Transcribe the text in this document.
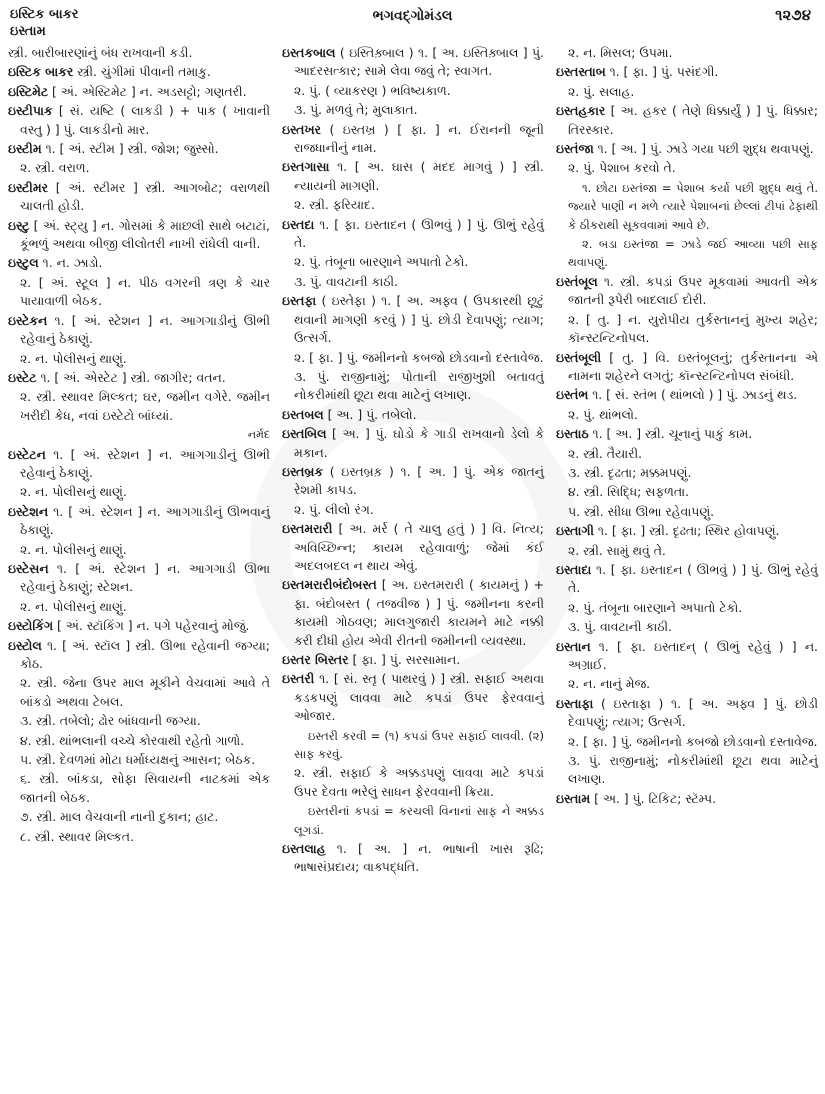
ઇસ્ટિક બાકર
ઇસ્તામ
ભગવદ્ગોમંડલ	૧૨૭૪
સ્ત્રી. બારીબારણાંનું બંધ રાખવાની કડી.
ઇસ્ટિક બાકર સ્ત્રી. ચુંગીમાં પીવાની તમાકુ.
ઇસ્ટિમેટ [ અં. એસ્ટિમેટ ] ન. અડસટ્ટો; ગણતરી.
ઇસ્ટીપાક [ સં. યષ્ટિ ( લાકડી ) + પાક ( ખાવાની વસ્તુ ) ] પું. લાકડીનો માર.
ઇસ્ટીમ ૧. [ અં. સ્ટીમ ] સ્ત્રી. જોશ; જુસ્સો.
૨. સ્ત્રી. વરાળ.
ઇસ્ટીમર [ અં. સ્ટીમર ] સ્ત્રી. આગબોટ; વરાળથી ચાલતી હોડી.
ઇસ્ટુ [ અં. સ્ટ્યુ ] ન. ગોસમાં કે માછલી સાથે બટાટાં, કૂંભળું અથવા બીજી લીલોતરી નાખી રાંધેલી વાની.
ઇસ્ટુલ ૧. ન. ઝાડો.
૨. [ અં. સ્ટૂલ ] ન. પીઠ વગરની ત્રણ કે ચાર પાયાવાળી બેઠક.
ઇસ્ટેકન ૧. [ અં. સ્ટેશન ] ન. આગગાડીનું ઊભી રહેવાનું ઠેકાણું.
૨. ન. પોલીસનું થાણું.
ઇસ્ટેટ ૧. [ અં. એસ્ટેટ ] સ્ત્રી. જાગીર; વતન.
૨. સ્ત્રી. સ્થાવર મિલ્કત; ઘર, જમીન વગેરે. જમીન ખરીદી કેધ, નવાં ઇસ્ટેટો બાંધ્યાં.
નર્મદ
ઇસ્ટેટન ૧. [ અં. સ્ટેશન ] ન. આગગાડીનું ઊભી રહેવાનું ઠેકાણું.
૨. ન. પોલીસનું થાણું.
ઇસ્ટેશન ૧. [ અં. સ્ટેશન ] ન. આગગાડીનું ઊભવાનું ઠેકાણું.
૨. ન. પોલીસનું થાણું.
ઇસ્ટેસન ૧. [ અં. સ્ટેશન ] ન. આગગાડી ઊભા રહેવાનું ઠેકાણું; સ્ટેશન.
૨. ન. પોલીસનું થાણું.
ઇસ્ટોકિંગ [ અં. સ્ટૉકિંગ ] ન. પગે પહેરવાનું મોજું.
ઇસ્ટોલ ૧. [ અં. સ્ટૉલ ] સ્ત્રી. ઊભા રહેવાની જગ્યા; કોઠ.
૨. સ્ત્રી. જેના ઉપર માલ મૂકીને વેચવામાં આવે તે બાંકડો અથવા ટેબલ.
૩. સ્ત્રી. તબેલો; ઢોર બાંધવાની જગ્યા.
૪. સ્ત્રી. થાંભલાની વચ્ચે કોરવાથી રહેતો ગાળો.
૫. સ્ત્રી. દેવળમાં મોટા ધર્માધ્યક્ષનું આસન; બેઠક.
૬. સ્ત્રી. બાંકડા, સોફા સિવાયની નાટકમાં એક જાતની બેઠક.
૭. સ્ત્રી. માલ વેચવાની નાની દુકાન; હાટ.
૮. સ્ત્રી. સ્થાવર મિલ્કત.
ઇસ્તકબાલ ( ઇસ્તિક઼્બાલ ) ૧. [ અ. ઇસ્તિક઼્બાલ ] પું. આદરસત્કાર; સામે લેવા જવું તે; સ્વાગત.
૨. પું. ( વ્યાકરણ ) ભવિષ્યકાળ.
૩. પું. મળવું તે; મુલાકાત.
ઇસ્તખર ( ઇસ્તખ્ર ) [ ફા. ] ન. ઈરાનની જૂની રાજધાનીનું નામ.
ઇસ્તગાસા ૧. [ અ. ઘાસ ( મદદ માગવું ) ] સ્ત્રી. ન્યાયની માગણી.
૨. સ્ત્રી. ફરિયાદ.
ઇસ્તદા ૧. [ ફા. ઇસ્તાદન ( ઊભવું ) ] પું. ઊભું રહેવું તે.
૨. પું. તંબૂના બારણાને અપાતો ટેકો.
૩. પું. વાવટાની કાઠી.
ઇસ્તફા ( ઇસ્તેફા ) ૧. [ અ. અફ્વ ( ઉપકારથી છૂટું થવાની માગણી કરવું ) ] પું. છોડી દેવાપણું; ત્યાગ; ઉત્સર્ગ.
૨. [ ફા. ] પું. જમીનનો કબજો છોડવાનો દસ્તાવેજ.
૩. પું. રાજીનામું; પોતાની રાજીખુશી બતાવતું નોકરીમાંથી છૂટા થવા માટેનું લખાણ.
ઇસ્તબલ [ અ. ] પું. તબેલો.
ઇસ્તબિલ [ અ. ] પું. ઘોડો કે ગાડી રાખવાનો ડેલો કે મકાન.
ઇસ્તબ્રક ( ઇસ્તબ્રક઼ ) ૧. [ અ. ] પું. એક જાતનું રેશમી કાપડ.
૨. પું. લીલો રંગ.
ઇસ્તમરારી [ અ. મર્ર ( તે ચાલુ હતું ) ] વિ. નિત્ય; અવિચ્છિન્ન; કાયમ રહેવાવાળું; જેમાં કંઈ અદલબદલ ન થાય એવું.
ઇસ્તમરારીબંદોબસ્ત [ અ. ઇસ્તમરારી ( કાયમનું ) + ફા. બંદોબસ્ત ( તજવીજ ) ] પું. જમીનના કરની કાયમી ગોઠવણ; માલગુજારી કાયમને માટે નક્કી કરી દીધી હોય એવી રીતની જમીનની વ્યવસ્થા.
ઇસ્તર બિસ્તર [ ફા. ] પું. સરસામાન.
ઇસ્તરી ૧. [ સં. સ્તૃ ( પાથરવું ) ] સ્ત્રી. સફાઈ અથવા કડકપણું લાવવા માટે કપડાં ઉપર ફેરવવાનું ઓજાર.
ઇસ્તરી કરવી = (૧) કપડાં ઉપર સફાઈ લાવવી. (૨) સાફ કરવું.
૨. સ્ત્રી. સફાઈ કે અક્કડપણું લાવવા માટે કપડાં ઉપર દેવતા ભરેલું સાધન ફેરવવાની ક્રિયા.
ઇસ્તરીનાં કપડાં = કરચલી વિનાનાં સાફ ને અક્કડ લૂગડાં.
ઇસ્તલાહ ૧. [ અ. ] ન. ભાષાની ખાસ રૂઢિ; ભાષાસંપ્રદાય; વાક્પદ્ધતિ.
૨. ન. મિસલ; ઉપમા.
ઇસ્તસ્તાબ ૧. [ ફા. ] પું. પસંદગી.
૨. પું. સલાહ.
ઇસ્તહકાર [ અ. હકર ( તેણે ધિક્કાર્યું ) ] પું. ધિક્કાર; તિરસ્કાર.
ઇસ્તંજા ૧. [ અ. ] પું. ઝાડે ગયા પછી શુદ્ધ થવાપણું.
૨. પું. પેશાબ કરવો તે.
૧. છોટા ઇસ્તંજા = પેશાબ કર્યા પછી શુદ્ધ થવું તે. જ્યારે પાણી ન મળે ત્યારે પેશાબનાં છેલ્લાં ટીપાં ઢેફાથી કે ઠીકરાથી સૂકવવામાં આવે છે.
૨. બડા ઇસ્તંજા = ઝાડે જઈ આવ્યા પછી સાફ થવાપણું.
ઇસ્તંબૂલ ૧. સ્ત્રી. કપડાં ઉપર મૂકવામાં આવતી એક જાતની રૂપેરી બાદલાઈ દોરી.
૨. [ તુ. ] ન. યુરોપીય તુર્કસ્તાનનું મુખ્ય શહેર; કૉન્સ્ટન્ટિનોપલ.
ઇસ્તંબૂલી [ તુ. ] વિ. ઇસ્તંબૂલનું; તુર્કસ્તાનના એ નામના શહેરને લગતું; કૉન્સ્ટન્ટિનોપલ સંબંધી.
ઇસ્તંભ ૧. [ સં. સ્તંભ ( થાંભલો ) ] પું. ઝાડનું થડ.
૨. પું. થાંભલો.
ઇસ્તાઠ ૧. [ અ. ] સ્ત્રી. ચૂનાનું પાકું કામ.
૨. સ્ત્રી. તૈયારી.
૩. સ્ત્રી. દૃઢતા; મક્કમપણું.
૪. સ્ત્રી. સિદ્ધિ; સફળતા.
૫. સ્ત્રી. સીધા ઊભા રહેવાપણું.
ઇસ્તાગી ૧. [ ફા. ] સ્ત્રી. દૃઢતા; સ્થિર હોવાપણું.
૨. સ્ત્રી. સામું થવું તે.
ઇસ્તાદા ૧. [ ફા. ઇસ્તાદન ( ઊભવું ) ] પું. ઊભું રહેવું તે.
૨. પું. તંબૂના બારણાને અપાતો ટેકો.
૩. પું. વાવટાની કાઠી.
ઇસ્તાન ૧. [ ફા. ઇસ્તાદન્ ( ઊભું રહેવું ) ] ન. અગ્રાઈ.
૨. ન. નાનું મેજ.
ઇસ્તાફા ( ઇસ્તાફા ) ૧. [ અ. અફ્વ ] પું. છોડી દેવાપણું; ત્યાગ; ઉત્સર્ગ.
૨. [ ફા. ] પું. જમીનનો કબજો છોડવાનો દસ્તાવેજ.
૩. પું. રાજીનામું; નોકરીમાંથી છૂટા થવા માટેનું લખાણ.
ઇસ્તામ [ અ. ] પું. ટિકિટ; સ્ટૅમ્પ.
